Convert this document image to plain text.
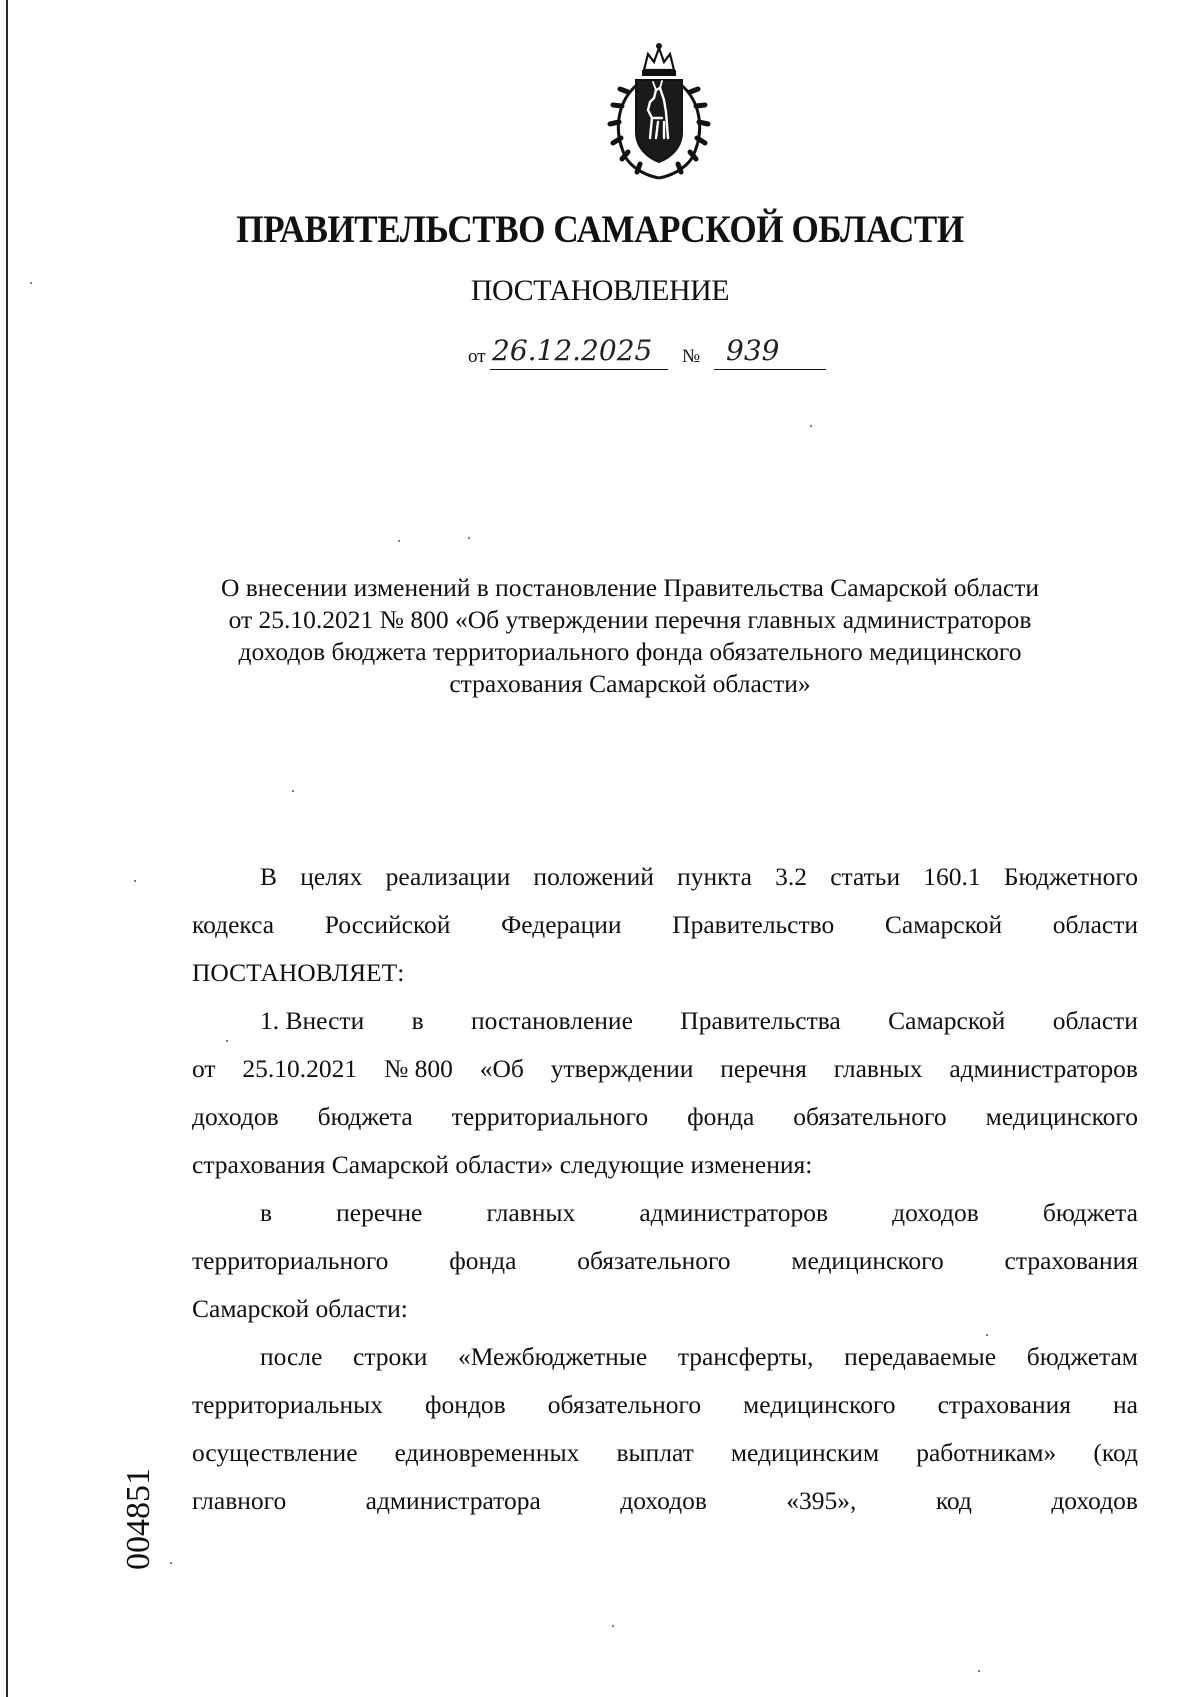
ПРАВИТЕЛЬСТВО САМАРСКОЙ ОБЛАСТИ
ПОСТАНОВЛЕНИЕ
от 26.12.2025 № 939
О внесении изменений в постановление Правительства Самарской области
от 25.10.2021 № 800 «Об утверждении перечня главных администраторов
доходов бюджета территориального фонда обязательного медицинского
страхования Самарской области»
В целях реализации положений пункта 3.2 статьи 160.1 Бюджетного
кодекса Российской Федерации Правительство Самарской области
ПОСТАНОВЛЯЕТ:
1. Внести в постановление Правительства Самарской области
от 25.10.2021 № 800 «Об утверждении перечня главных администраторов
доходов бюджета территориального фонда обязательного медицинского
страхования Самарской области» следующие изменения:
в	перечне	главных	администраторов	доходов	бюджета
территориального фонда обязательного медицинского страхования
Самарской области:
после строки «Межбюджетные трансферты, передаваемые бюджетам
территориальных фондов обязательного медицинского страхования на
осуществление единовременных выплат медицинским работникам» (код
главного	администратора	доходов	«395»,	код	доходов
004851
